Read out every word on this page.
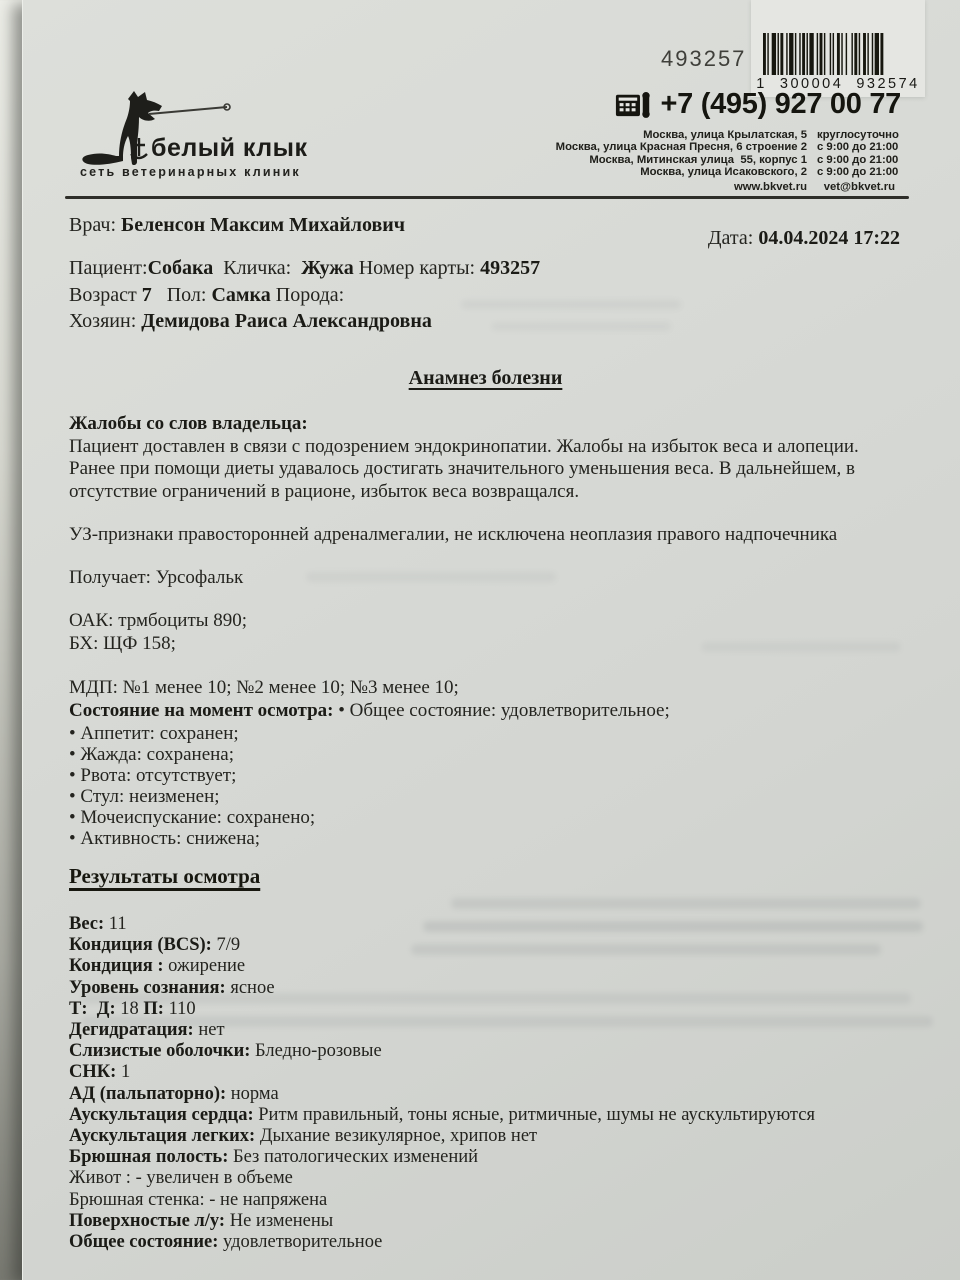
белый клык
сеть ветеринарных клиник
493257
1  300004  932574
+7 (495) 927 00 77
Москва, улица Крылатская, 5 круглосуточно
Москва, улица Красная Пресня, 6 строение 2 с 9:00 до 21:00
Москва, Митинская улица  55, корпус 1 с 9:00 до 21:00
Москва, улица Исаковского, 2 с 9:00 до 21:00
www.bkvet.ru	vet@bkvet.ru
Врач: Беленсон Максим Михайлович
Дата: 04.04.2024 17:22
Пациент:Собака  Кличка:  Жужа Номер карты: 493257
Возраст 7   Пол: Самка Порода:
Хозяин: Демидова Раиса Александровна
Анамнез болезни
Жалобы со слов владельца:
Пациент доставлен в связи с подозрением эндокринопатии. Жалобы на избыток веса и алопеции. Ранее при помощи диеты удавалось достигать значительного уменьшения веса. В дальнейшем, в отсутствие ограничений в рационе, избыток веса возвращался.
УЗ-признаки правосторонней адреналмегалии, не исключена неоплазия правого надпочечника
Получает: Урсофальк
ОАК: трмбоциты 890;
БХ: ЩФ 158;
МДП: №1 менее 10; №2 менее 10; №3 менее 10;
Состояние на момент осмотра: • Общее состояние: удовлетворительное;
• Аппетит: сохранен;
• Жажда: сохранена;
• Рвота: отсутствует;
• Стул: неизменен;
• Мочеиспускание: сохранено;
• Активность: снижена;
Результаты осмотра
Вес: 11
Кондиция (BCS): 7/9
Кондиция : ожирение
Уровень сознания: ясное
Т:  Д: 18 П: 110
Дегидратация: нет
Слизистые оболочки: Бледно-розовые
СНК: 1
АД (пальпаторно): норма
Аускультация сердца: Ритм правильный, тоны ясные, ритмичные, шумы не аускультируются
Аускультация легких: Дыхание везикулярное, хрипов нет
Брюшная полость: Без патологических изменений
Живот : - увеличен в объеме
Брюшная стенка: - не напряжена
Поверхностые л/у: Не изменены
Общее состояние: удовлетворительное
